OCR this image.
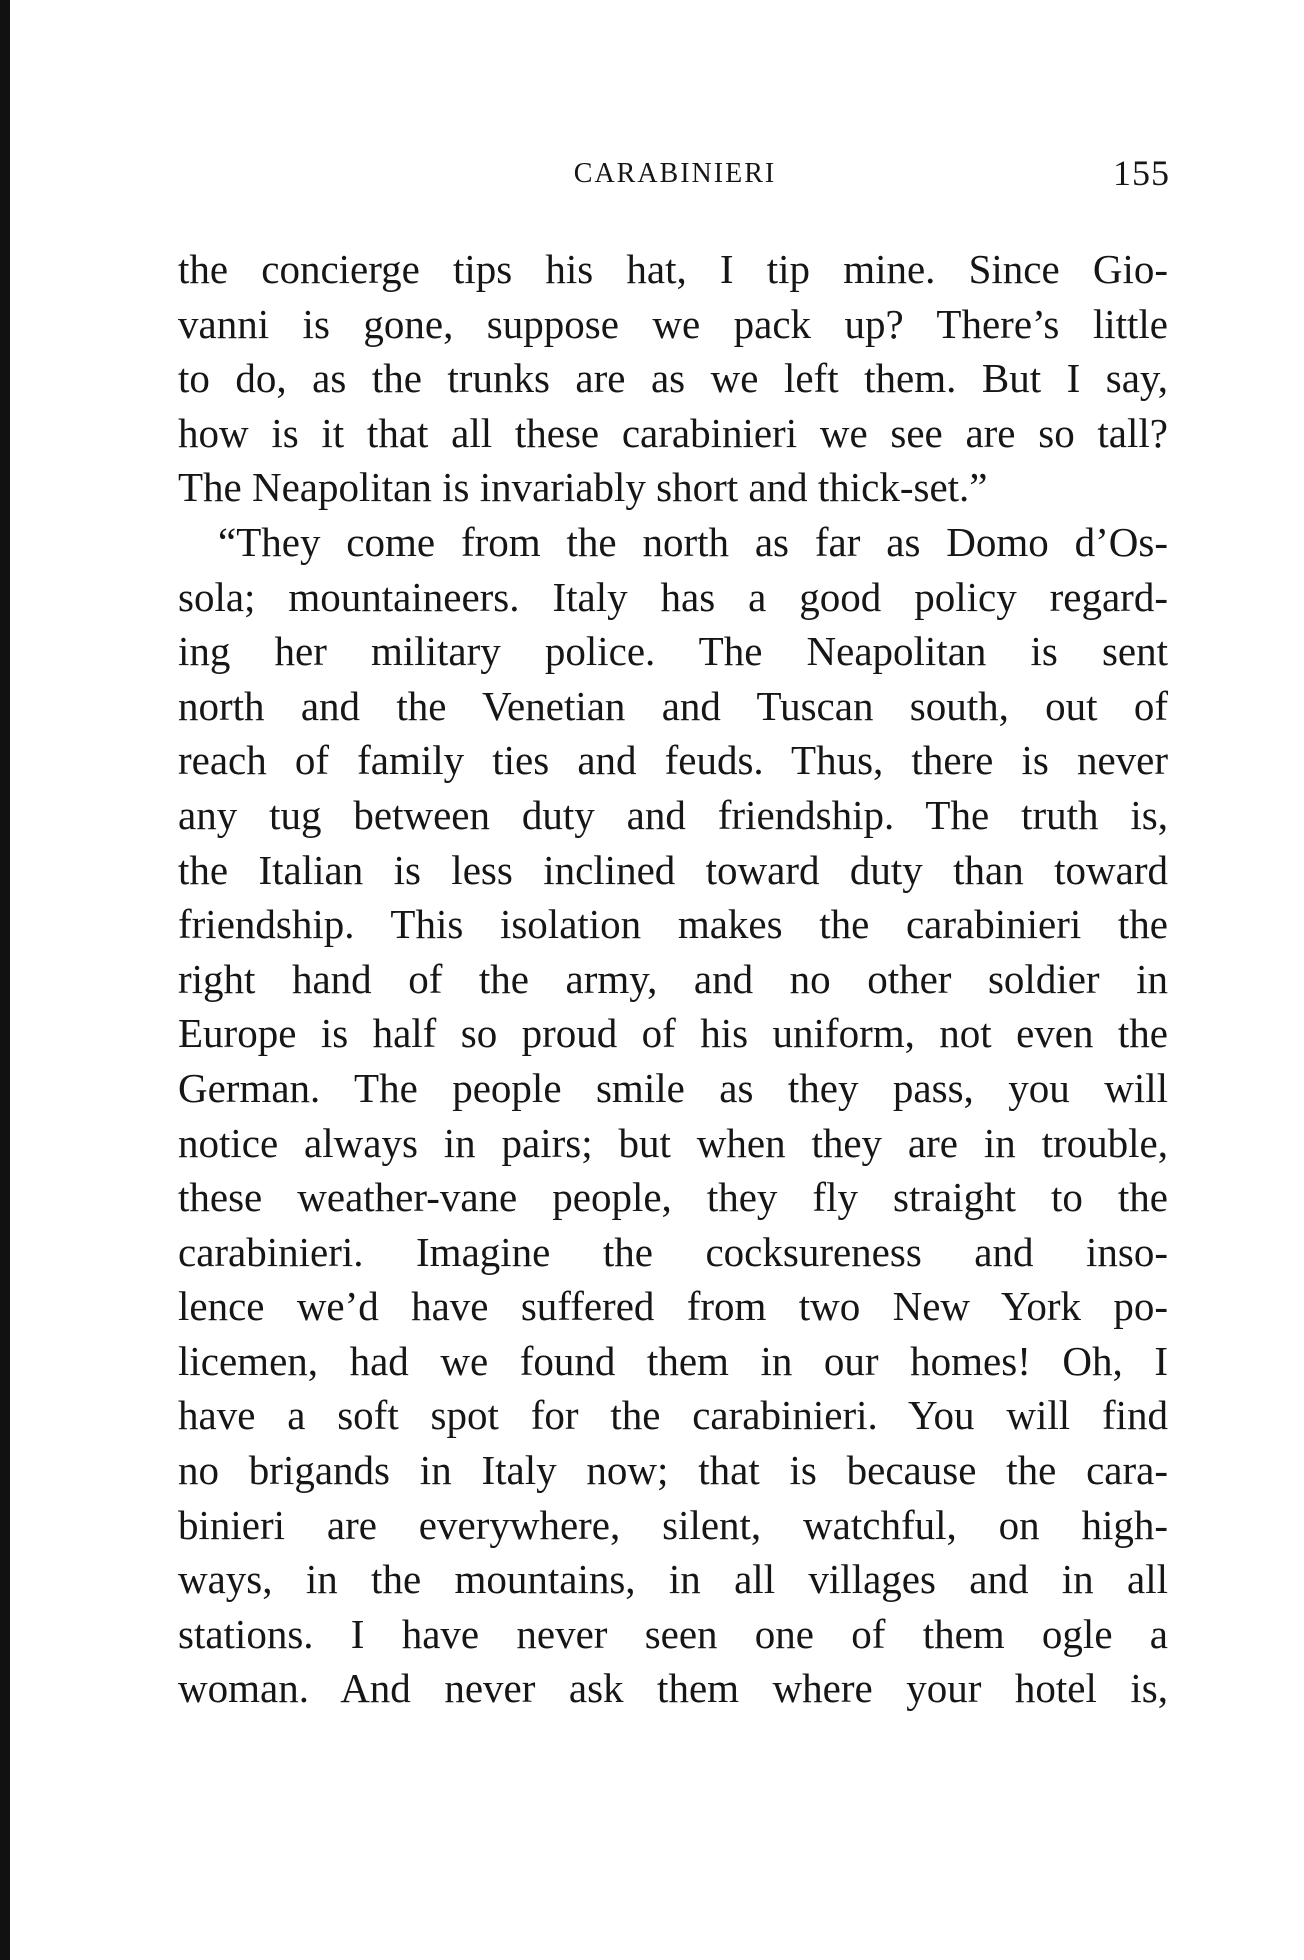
CARABINIERI	155
the concierge tips his hat, I tip mine. Since Gio-
vanni is gone, suppose we pack up? There’s little
to do, as the trunks are as we left them. But I say,
how is it that all these carabinieri we see are so tall?
The Neapolitan is invariably short and thick-set.”
“They come from the north as far as Domo d’Os-
sola; mountaineers. Italy has a good policy regard-
ing her military police. The Neapolitan is sent
north and the Venetian and Tuscan south, out of
reach of family ties and feuds. Thus, there is never
any tug between duty and friendship. The truth is,
the Italian is less inclined toward duty than toward
friendship. This isolation makes the carabinieri the
right hand of the army, and no other soldier in
Europe is half so proud of his uniform, not even the
German. The people smile as they pass, you will
notice always in pairs; but when they are in trouble,
these weather-vane people, they fly straight to the
carabinieri. Imagine the cocksureness and inso-
lence we’d have suffered from two New York po-
licemen, had we found them in our homes! Oh, I
have a soft spot for the carabinieri. You will find
no brigands in Italy now; that is because the cara-
binieri are everywhere, silent, watchful, on high-
ways, in the mountains, in all villages and in all
stations. I have never seen one of them ogle a
woman. And never ask them where your hotel is,
